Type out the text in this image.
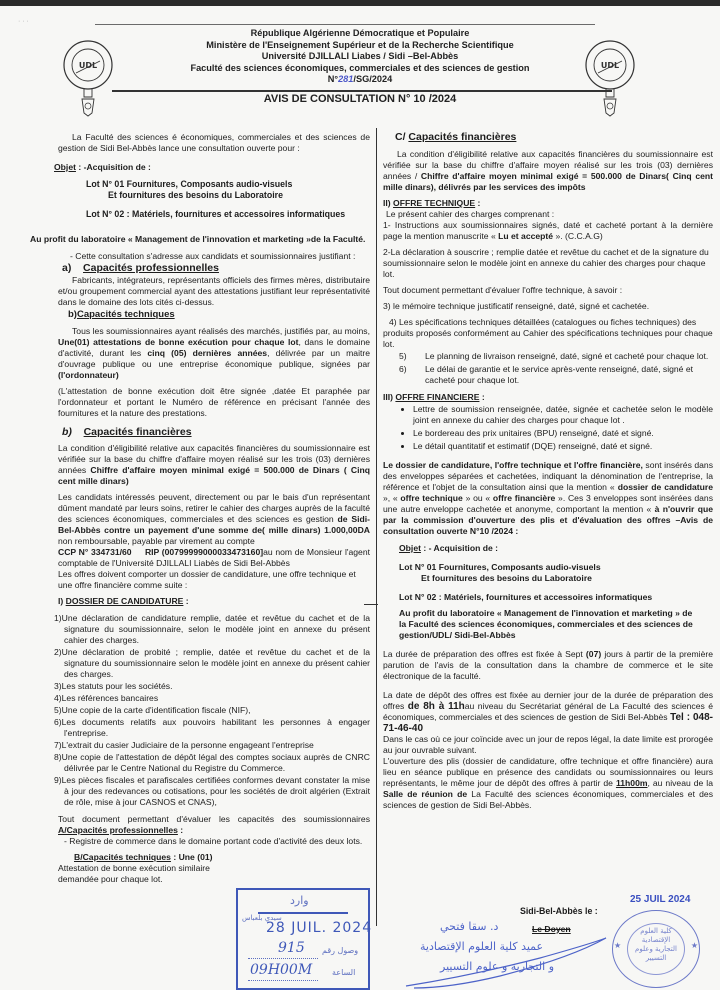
· · ·
UDL	UDL
République Algérienne Démocratique et Populaire
Ministère de l'Enseignement Supérieur et de la Recherche Scientifique
Université DJILLALI Liabes / Sidi –Bel-Abbès
Faculté des sciences économiques, commerciales et des sciences de gestion
N°281/SG/2024
AVIS DE CONSULTATION N° 10 /2024

La Faculté des sciences é économiques, commerciales et des sciences de gestion de Sidi Bel-Abbès lance une consultation ouverte pour :

Objet : -Acquisition de :

Lot N° 01 Fournitures, Composants audio-visuels

Et fournitures des besoins du Laboratoire

Lot N° 02 : Matériels, fournitures et accessoires informatiques

Au profit du laboratoire « Management de l'innovation et marketing »de la Faculté.

- Cette consultation s'adresse aux candidats et soumissionnaires justifiant :

a) Capacités professionnelles

Fabricants, intégrateurs, représentants officiels des firmes mères, distributaire et/ou groupement commercial ayant des attestations justifiant leur représentativité dans le domaine des lots cités ci-dessus.

b)Capacités techniques

Tous les soumissionnaires ayant réalisés des marchés, justifiés par, au moins, Une(01) attestations de bonne exécution pour chaque lot, dans le domaine d'activité, durant les cinq (05) dernières années, délivrée par un maitre d'ouvrage publique ou une entreprise économique publique, signées par (l'ordonnateur)

(L'attestation de bonne exécution doit être signée ,datée Et paraphée par l'ordonnateur et portant le Numéro de référence en précisant l'année des fournitures et la nature des prestations.

b) Capacités financières

La condition d'éligibilité relative aux capacités financières du soumissionnaire est vérifiée sur la base du chiffre d'affaire moyen réalisé sur les trois (03) dernières années Chiffre d'affaire moyen minimal exigé = 500.000 de Dinars ( Cinq cent mille dinars)

Les candidats intéressés peuvent, directement ou par le bais d'un représentant dûment mandaté par leurs soins, retirer le cahier des charges auprès de la faculté des sciences économiques, commerciales et des sciences es gestion de Sidi-Bel-Abbès contre un payement d'une somme de( mille dinars) 1.000,00DA non remboursable, payable par virement au compte

CCP N° 334731/60 RIP (00799999000033473160]au nom de Monsieur l'agent comptable de l'Université DJILLALI Liabès de Sidi Bel-Abbès

Les offres doivent comporter un dossier de candidature, une offre technique et une offre financière comme suite :

I) DOSSIER DE CANDIDATURE :

1)Une déclaration de candidature remplie, datée et revêtue du cachet et de la signature du soumissionnaire, selon le modèle joint en annexe du présent cahier des charges.

2)Une déclaration de probité ; remplie, datée et revêtue du cachet et de la signature du soumissionnaire selon le modèle joint en annexe du présent cahier des charges.

3)Les statuts pour les sociétés.

4)Les références bancaires

5)Une copie de la carte d'identification fiscale (NIF),

6)Les documents relatifs aux pouvoirs habilitant les personnes à engager l'entreprise.

7)L'extrait du casier Judiciaire de la personne engageant l'entreprise

8)Une copie de l'attestation de dépôt légal des comptes sociaux auprès de CNRC délivrée par le Centre National du Registre du Commerce.

9)Les pièces fiscales et parafiscales certifiées conformes devant constater la mise à jour des redevances ou cotisations, pour les sociétés de droit algérien (Extrait de rôle, mise à jour CASNOS et CNAS),

Tout document permettant d'évaluer les capacités des soumissionnaires A/Capacités professionnelles :

- Registre de commerce dans le domaine portant code d'activité des deux lots.

B/Capacités techniques : Une (01) Attestation de bonne exécution similaire demandée pour chaque lot.

C/ Capacités financières

La condition d'éligibilité relative aux capacités financières du soumissionnaire est vérifiée sur la base du chiffre d'affaire moyen réalisé sur les trois (03) dernières années / Chiffre d'affaire moyen minimal exigé = 500.000 de Dinars( Cinq cent mille dinars), délivrés par les services des impôts

II) OFFRE TECHNIQUE :

Le présent cahier des charges comprenant :

1- Instructions aux soumissionnaires signés, daté et cacheté portant à la dernière page la mention manuscrite « Lu et accepté ». (C.C.A.G)

2-La déclaration à souscrire ; remplie datée et revêtue du cachet et de la signature du soumissionnaire selon le modèle joint en annexe du cahier des charges pour chaque lot.

Tout document permettant d'évaluer l'offre technique, à savoir :

3) le mémoire technique justificatif renseigné, daté, signé et cachetée.

4) Les spécifications techniques détaillées (catalogues ou fiches techniques) des produits proposés conformément au Cahier des spécifications techniques pour chaque lot.

5)	Le planning de livraison renseigné, daté, signé et cacheté pour chaque lot.
6)	Le délai de garantie et le service après-vente renseigné, daté, signé et cacheté pour chaque lot.

III) OFFRE FINANCIERE :

• Lettre de soumission renseignée, datée, signée et cachetée selon le modèle joint en annexe du cahier des charges pour chaque lot .
• Le bordereau des prix unitaires (BPU) renseigné, daté et signé.
• Le détail quantitatif et estimatif (DQE) renseigné, daté et signé.

Le dossier de candidature, l'offre technique et l'offre financière, sont insérés dans des enveloppes séparées et cachetées, indiquant la dénomination de l'entreprise, la référence et l'objet de la consultation ainsi que la mention « dossier de candidature », « offre technique » ou « offre financière ». Ces 3 enveloppes sont insérées dans une autre enveloppe cachetée et anonyme, comportant la mention « à n'ouvrir que par la commission d'ouverture des plis et d'évaluation des offres –Avis de consultation ouverte N°10 /2024 :

Objet : - Acquisition de :

Lot N° 01 Fournitures, Composants audio-visuels

Et fournitures des besoins du Laboratoire

Lot N° 02 : Matériels, fournitures et accessoires informatiques

Au profit du laboratoire « Management de l'innovation et marketing » de la Faculté des sciences économiques, commerciales et des sciences de gestion/UDL/ Sidi-Bel-Abbès

La durée de préparation des offres est fixée à Sept (07) jours à partir de la première parution de l'avis de la consultation dans la chambre de commerce et le site électronique de la faculté.

La date de dépôt des offres est fixée au dernier jour de la durée de préparation des offres de 8h à 11hau niveau du Secrétariat général de La Faculté des sciences é économiques, commerciales et des sciences de gestion de Sidi Bel-Abbès Tel : 048-71-46-40

Dans le cas où ce jour coïncide avec un jour de repos légal, la date limite est prorogée au jour ouvrable suivant.

L'ouverture des plis (dossier de candidature, offre technique et offre financière) aura lieu en séance publique en présence des candidats ou soumissionnaires ou leurs représentants, le même jour de dépôt des offres à partir de 11h00m, au niveau de la Salle de réunion de La Faculté des sciences économiques, commerciales et des sciences de gestion de Sidi Bel-Abbès.

Sidi-Bel-Abbès le :
Le Doyen
د. سقا فتحي
عميد كلية العلوم الإقتصادية
و التجارية و علوم التسيير
25 JUIL 2024
كلية العلوم الإقتصادية التجارية وعلوم التسيير
★	★
وارد
سيدي بلعباس
28 JUIL. 2024
915 وصول رقم
09H00M الساعة
